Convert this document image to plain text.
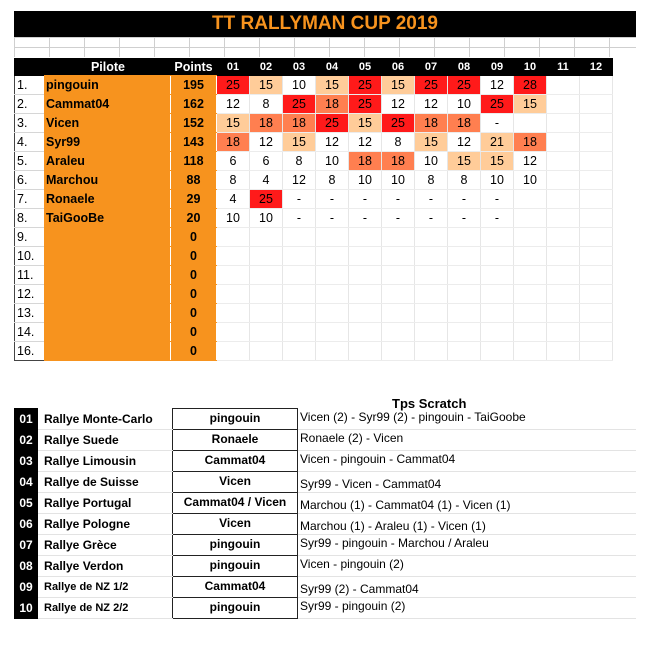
TT RALLYMAN CUP 2019
	Pilote	Points	01	02	03	04	05	06	07	08	09	10	11	12
1.	pingouin	195	25	15	10	15	25	15	25	25	12	28		
2.	Cammat04	162	12	8	25	18	25	12	12	10	25	15		
3.	Vicen	152	15	18	18	25	15	25	18	18	-			
4.	Syr99	143	18	12	15	12	12	8	15	12	21	18		
5.	Araleu	118	6	6	8	10	18	18	10	15	15	12		
6.	Marchou	88	8	4	12	8	10	10	8	8	10	10		
7.	Ronaele	29	4	25	-	-	-	-	-	-	-			
8.	TaiGooBe	20	10	10	-	-	-	-	-	-	-			
9.		0												
10.		0												
11.		0												
12.		0												
13.		0												
14.		0												
16.		0												
Tps Scratch
01	Rallye Monte-Carlo	pingouin	Vicen (2) - Syr99 (2) - pingouin - TaiGoobe
02	Rallye Suede	Ronaele	Ronaele (2) - Vicen
03	Rallye Limousin	Cammat04	Vicen - pingouin - Cammat04
04	Rallye de Suisse	Vicen	Syr99 - Vicen - Cammat04
05	Rallye Portugal	Cammat04 / Vicen	Marchou (1) - Cammat04 (1) - Vicen (1)
06	Rallye Pologne	Vicen	Marchou (1) - Araleu (1) - Vicen (1)
07	Rallye Grèce	pingouin	Syr99 - pingouin - Marchou / Araleu
08	Rallye Verdon	pingouin	Vicen - pingouin (2)
09	Rallye de NZ 1/2	Cammat04	Syr99 (2) - Cammat04
10	Rallye de NZ 2/2	pingouin	Syr99 - pingouin (2)
